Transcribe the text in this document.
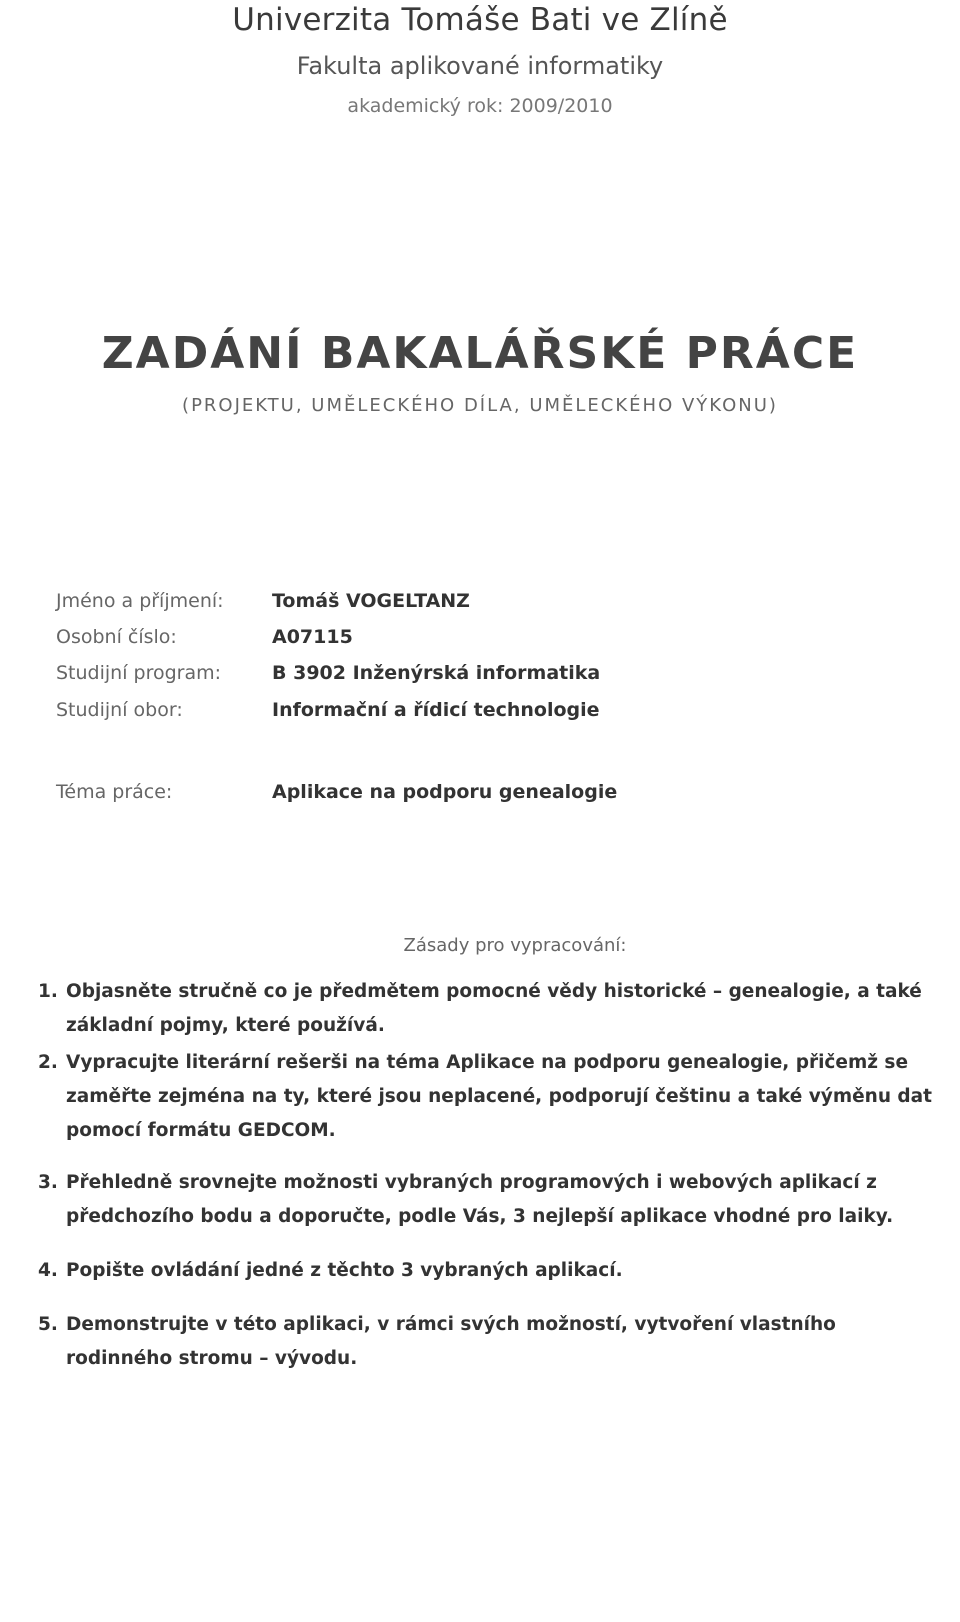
Univerzita Tomáše Bati ve Zlíně
Fakulta aplikované informatiky
akademický rok: 2009/2010
ZADÁNÍ BAKALÁŘSKÉ PRÁCE
(PROJEKTU, UMĚLECKÉHO DÍLA, UMĚLECKÉHO VÝKONU)
Jméno a příjmení:	Tomáš VOGELTANZ
Osobní číslo:	A07115
Studijní program:	B 3902 Inženýrská informatika
Studijní obor:	Informační a řídicí technologie
Téma práce:	Aplikace na podporu genealogie
Zásady pro vypracování:
1. Objasněte stručně co je předmětem pomocné vědy historické – genealogie, a také základní pojmy, které používá.
2. Vypracujte literární rešerši na téma Aplikace na podporu genealogie, přičemž se zaměřte zejména na ty, které jsou neplacené, podporují češtinu a také výměnu dat pomocí formátu GEDCOM.
3. Přehledně srovnejte možnosti vybraných programových i webových aplikací z předchozího bodu a doporučte, podle Vás, 3 nejlepší aplikace vhodné pro laiky.
4. Popište ovládání jedné z těchto 3 vybraných aplikací.
5. Demonstrujte v této aplikaci, v rámci svých možností, vytvoření vlastního rodinného stromu – vývodu.
